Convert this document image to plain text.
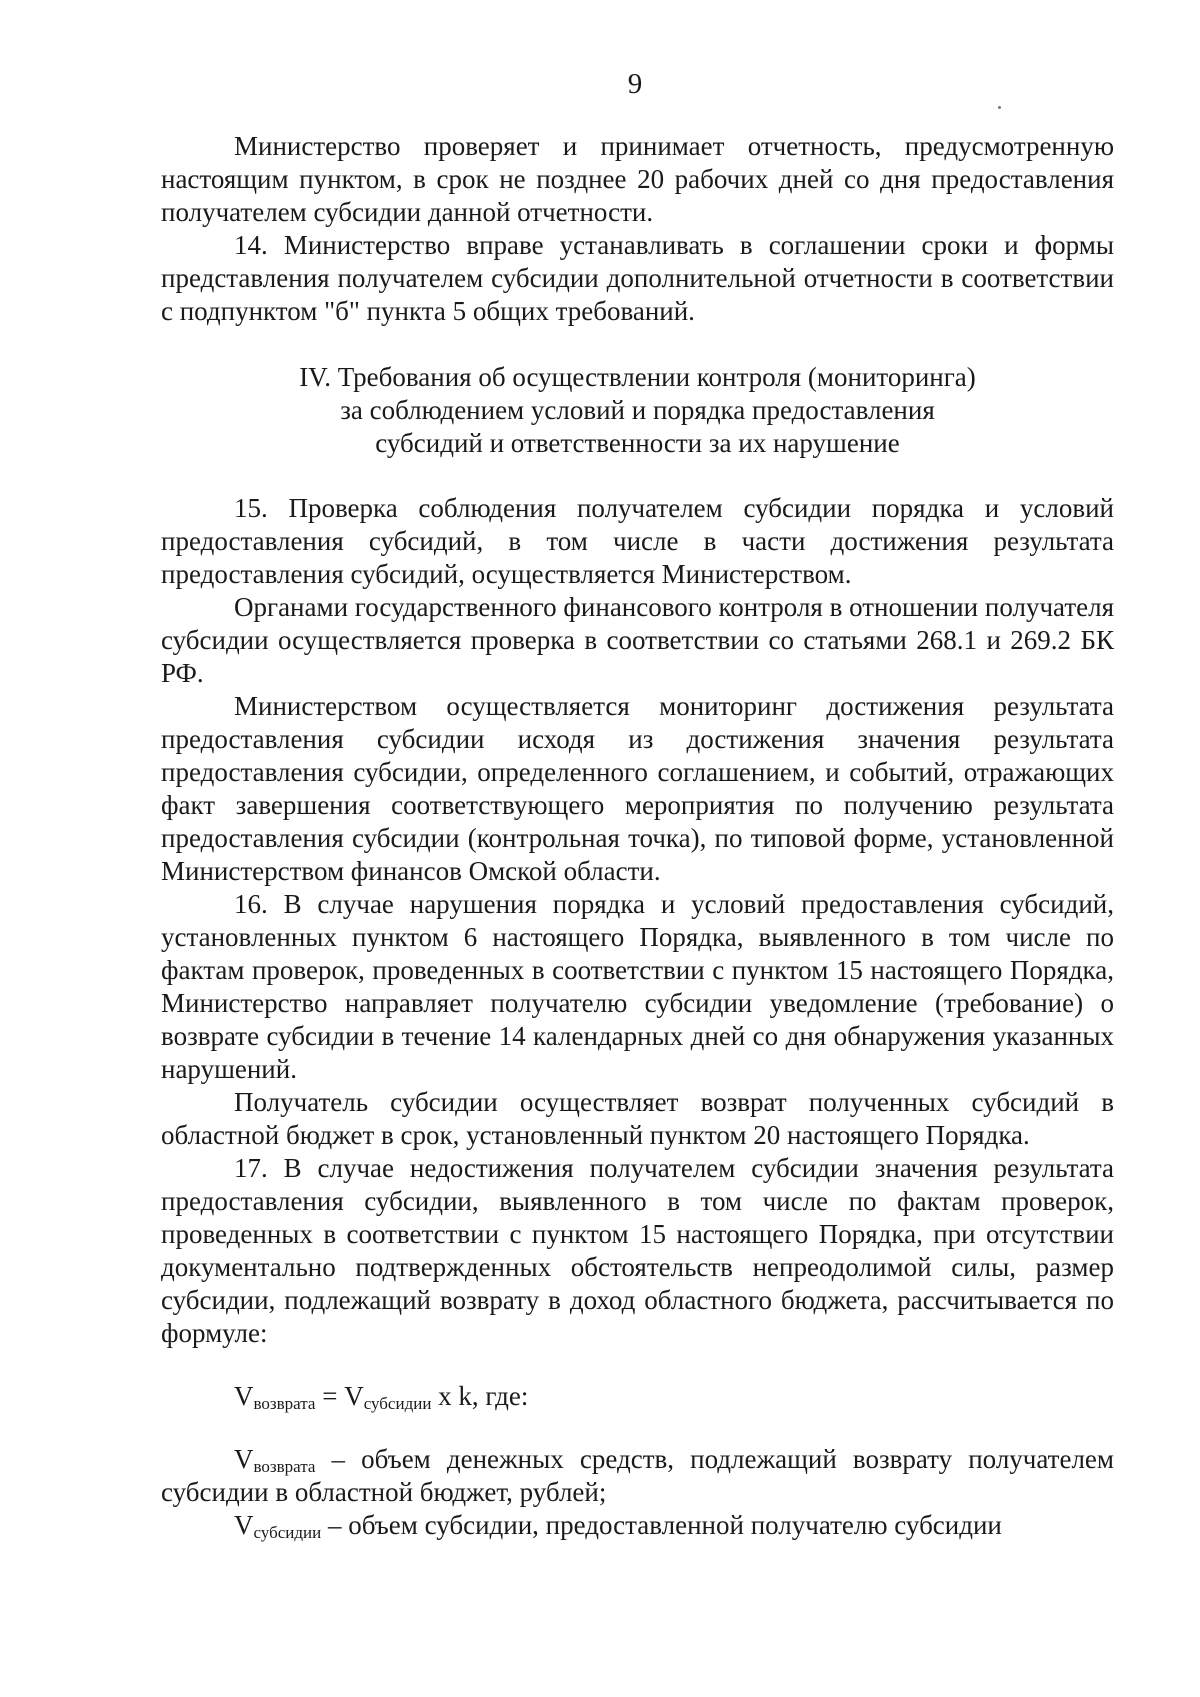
9

Министерство проверяет и принимает отчетность, предусмотренную настоящим пунктом, в срок не позднее 20 рабочих дней со дня предоставления получателем субсидии данной отчетности.

14. Министерство вправе устанавливать в соглашении сроки и формы представления получателем субсидии дополнительной отчетности в соответствии с подпунктом "б" пункта 5 общих требований.

IV. Требования об осуществлении контроля (мониторинга)
за соблюдением условий и порядка предоставления
субсидий и ответственности за их нарушение

15. Проверка соблюдения получателем субсидии порядка и условий предоставления субсидий, в том числе в части достижения результата предоставления субсидий, осуществляется Министерством.

Органами государственного финансового контроля в отношении получателя субсидии осуществляется проверка в соответствии со статьями 268.1 и 269.2 БК РФ.

Министерством осуществляется мониторинг достижения результата предоставления субсидии исходя из достижения значения результата предоставления субсидии, определенного соглашением, и событий, отражающих факт завершения соответствующего мероприятия по получению результата предоставления субсидии (контрольная точка), по типовой форме, установленной Министерством финансов Омской области.

16. В случае нарушения порядка и условий предоставления субсидий, установленных пунктом 6 настоящего Порядка, выявленного в том числе по фактам проверок, проведенных в соответствии с пунктом 15 настоящего Порядка, Министерство направляет получателю субсидии уведомление (требование) о возврате субсидии в течение 14 календарных дней со дня обнаружения указанных нарушений.

Получатель субсидии осуществляет возврат полученных субсидий в областной бюджет в срок, установленный пунктом 20 настоящего Порядка.

17. В случае недостижения получателем субсидии значения результата предоставления субсидии, выявленного в том числе по фактам проверок, проведенных в соответствии с пунктом 15 настоящего Порядка, при отсутствии документально подтвержденных обстоятельств непреодолимой силы, размер субсидии, подлежащий возврату в доход областного бюджета, рассчитывается по формуле:

$V_{возврата} = V_{субсидии}$ x k, где:

$V_{возврата}$ – объем денежных средств, подлежащий возврату получателем субсидии в областной бюджет, рублей;

$V_{субсидии}$ – объем субсидии, предоставленной получателю субсидии
